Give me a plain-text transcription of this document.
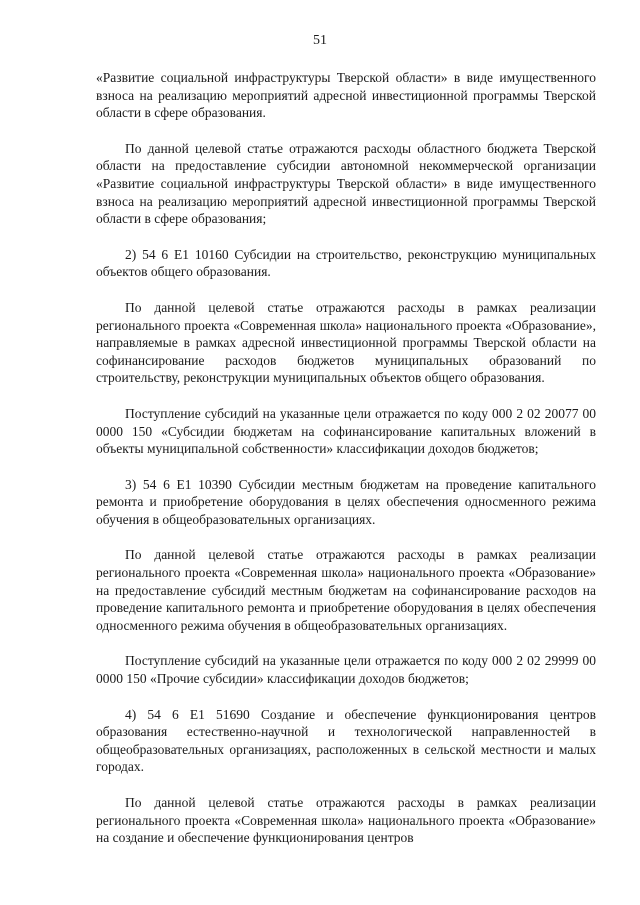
51

«Развитие социальной инфраструктуры Тверской области» в виде имущественного взноса на реализацию мероприятий адресной инвестиционной программы Тверской области в сфере образования.

По данной целевой статье отражаются расходы областного бюджета Тверской области на предоставление субсидии автономной некоммерческой организации «Развитие социальной инфраструктуры Тверской области» в виде имущественного взноса на реализацию мероприятий адресной инвестиционной программы Тверской области в сфере образования;

2) 54 6 E1 10160 Субсидии на строительство, реконструкцию муниципальных объектов общего образования.

По данной целевой статье отражаются расходы в рамках реализации регионального проекта «Современная школа» национального проекта «Образование», направляемые в рамках адресной инвестиционной программы Тверской области на софинансирование расходов бюджетов муниципальных образований по строительству, реконструкции муниципальных объектов общего образования.

Поступление субсидий на указанные цели отражается по коду 000 2 02 20077 00 0000 150 «Субсидии бюджетам на софинансирование капитальных вложений в объекты муниципальной собственности» классификации доходов бюджетов;

3) 54 6 E1 10390 Субсидии местным бюджетам на проведение капитального ремонта и приобретение оборудования в целях обеспечения односменного режима обучения в общеобразовательных организациях.

По данной целевой статье отражаются расходы в рамках реализации регионального проекта «Современная школа» национального проекта «Образование» на предоставление субсидий местным бюджетам на софинансирование расходов на проведение капитального ремонта и приобретение оборудования в целях обеспечения односменного режима обучения в общеобразовательных организациях.

Поступление субсидий на указанные цели отражается по коду 000 2 02 29999 00 0000 150 «Прочие субсидии» классификации доходов бюджетов;

4) 54 6 E1 51690 Создание и обеспечение функционирования центров образования естественно-научной и технологической направленностей в общеобразовательных организациях, расположенных в сельской местности и малых городах.

По данной целевой статье отражаются расходы в рамках реализации регионального проекта «Современная школа» национального проекта «Образование» на создание и обеспечение функционирования центров
